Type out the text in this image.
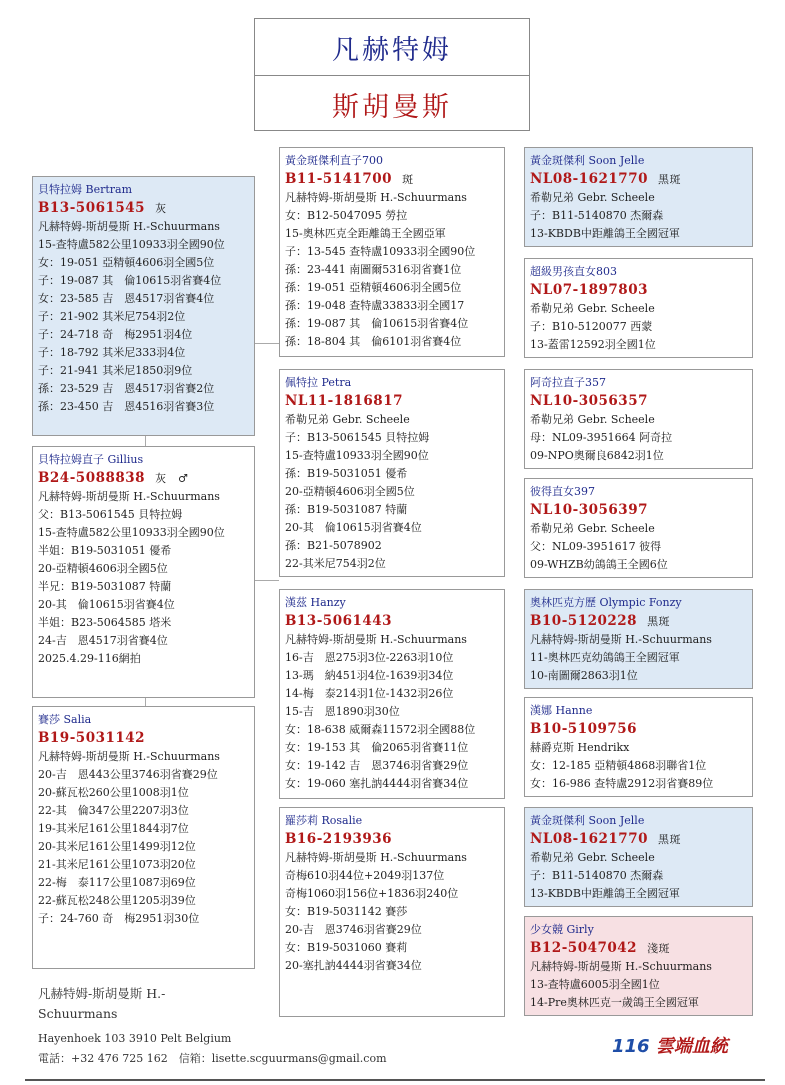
凡赫特姆
斯胡曼斯
貝特拉姆 Bertram
B13-5061545 灰
凡赫特姆-斯胡曼斯 H.-Schuurmans
15-查特盧582公里10933羽全國90位
女：19-051 亞精頓4606羽全國5位
子：19-087 其　倫10615羽省賽4位
女：23-585 吉　恩4517羽省賽4位
子：21-902 其米尼754羽2位
子：24-718 奇　梅2951羽4位
子：18-792 其米尼333羽4位
子：21-941 其米尼1850羽9位
孫：23-529 吉　恩4517羽省賽2位
孫：23-450 吉　恩4516羽省賽3位
貝特拉姆直子 Gillius
B24-5088838 灰　♂
凡赫特姆-斯胡曼斯 H.-Schuurmans
父：B13-5061545 貝特拉姆
15-查特盧582公里10933羽全國90位
半姐：B19-5031051 優希
20-亞精頓4606羽全國5位
半兄：B19-5031087 特蘭
20-其　倫10615羽省賽4位
半姐：B23-5064585 塔米
24-吉　恩4517羽省賽4位
2025.4.29-116網拍
賽莎 Salia
B19-5031142
凡赫特姆-斯胡曼斯 H.-Schuurmans
20-吉　恩443公里3746羽省賽29位
20-蘇瓦松260公里1008羽1位
22-其　倫347公里2207羽3位
19-其米尼161公里1844羽7位
20-其米尼161公里1499羽12位
21-其米尼161公里1073羽20位
22-梅　泰117公里1087羽69位
22-蘇瓦松248公里1205羽39位
子：24-760 奇　梅2951羽30位
黃金斑傑利直子700
B11-5141700 斑
凡赫特姆-斯胡曼斯 H.-Schuurmans
女：B12-5047095 勞拉
15-奧林匹克全距離鴿王全國亞軍
子：13-545 查特盧10933羽全國90位
孫：23-441 南圖爾5316羽省賽1位
孫：19-051 亞精頓4606羽全國5位
孫：19-048 查特盧33833羽全國17
孫：19-087 其　倫10615羽省賽4位
孫：18-804 其　倫6101羽省賽4位
佩特拉 Petra
NL11-1816817
希勒兄弟 Gebr. Scheele
子：B13-5061545 貝特拉姆
15-查特盧10933羽全國90位
孫：B19-5031051 優希
20-亞精頓4606羽全國5位
孫：B19-5031087 特蘭
20-其　倫10615羽省賽4位
孫：B21-5078902
22-其米尼754羽2位
漢茲 Hanzy
B13-5061443
凡赫特姆-斯胡曼斯 H.-Schuurmans
16-吉　恩275羽3位-2263羽10位
13-瑪　納451羽4位-1639羽34位
14-梅　泰214羽1位-1432羽26位
15-吉　恩1890羽30位
女：18-638 威爾森11572羽全國88位
女：19-153 其　倫2065羽省賽11位
女：19-142 吉　恩3746羽省賽29位
女：19-060 塞扎訥4444羽省賽34位
羅莎莉 Rosalie
B16-2193936
凡赫特姆-斯胡曼斯 H.-Schuurmans
奇梅610羽44位+2049羽137位
奇梅1060羽156位+1836羽240位
女：B19-5031142 賽莎
20-吉　恩3746羽省賽29位
女：B19-5031060 賽莉
20-塞扎訥4444羽省賽34位
黃金斑傑利 Soon Jelle
NL08-1621770 黑斑
希勒兄弟 Gebr. Scheele
子：B11-5140870 杰爾森
13-KBDB中距離鴿王全國冠軍
超級男孩直女803
NL07-1897803
希勒兄弟 Gebr. Scheele
子：B10-5120077 西蒙
13-蓋雷12592羽全國1位
阿奇拉直子357
NL10-3056357
希勒兄弟 Gebr. Scheele
母：NL09-3951664 阿奇拉
09-NPO奧爾良6842羽1位
彼得直女397
NL10-3056397
希勒兄弟 Gebr. Scheele
父：NL09-3951617 彼得
09-WHZB幼鴿鴿王全國6位
奧林匹克方歷 Olympic Fonzy
B10-5120228 黑斑
凡赫特姆-斯胡曼斯 H.-Schuurmans
11-奧林匹克幼鴿鴿王全國冠軍
10-南圖爾2863羽1位
漢娜 Hanne
B10-5109756
赫爵克斯 Hendrikx
女：12-185 亞精頓4868羽聯省1位
女：16-986 查特盧2912羽省賽89位
黃金斑傑利 Soon Jelle
NL08-1621770 黑斑
希勒兄弟 Gebr. Scheele
子：B11-5140870 杰爾森
13-KBDB中距離鴿王全國冠軍
少女競 Girly
B12-5047042 淺斑
凡赫特姆-斯胡曼斯 H.-Schuurmans
13-查特盧6005羽全國1位
14-Pre奧林匹克一歲鴿王全國冠軍
凡赫特姆-斯胡曼斯 H.-
Schuurmans
Hayenhoek 103 3910 Pelt Belgium
電話：+32 476 725 162　信箱：lisette.scguurmans@gmail.com
116 雲端血統
